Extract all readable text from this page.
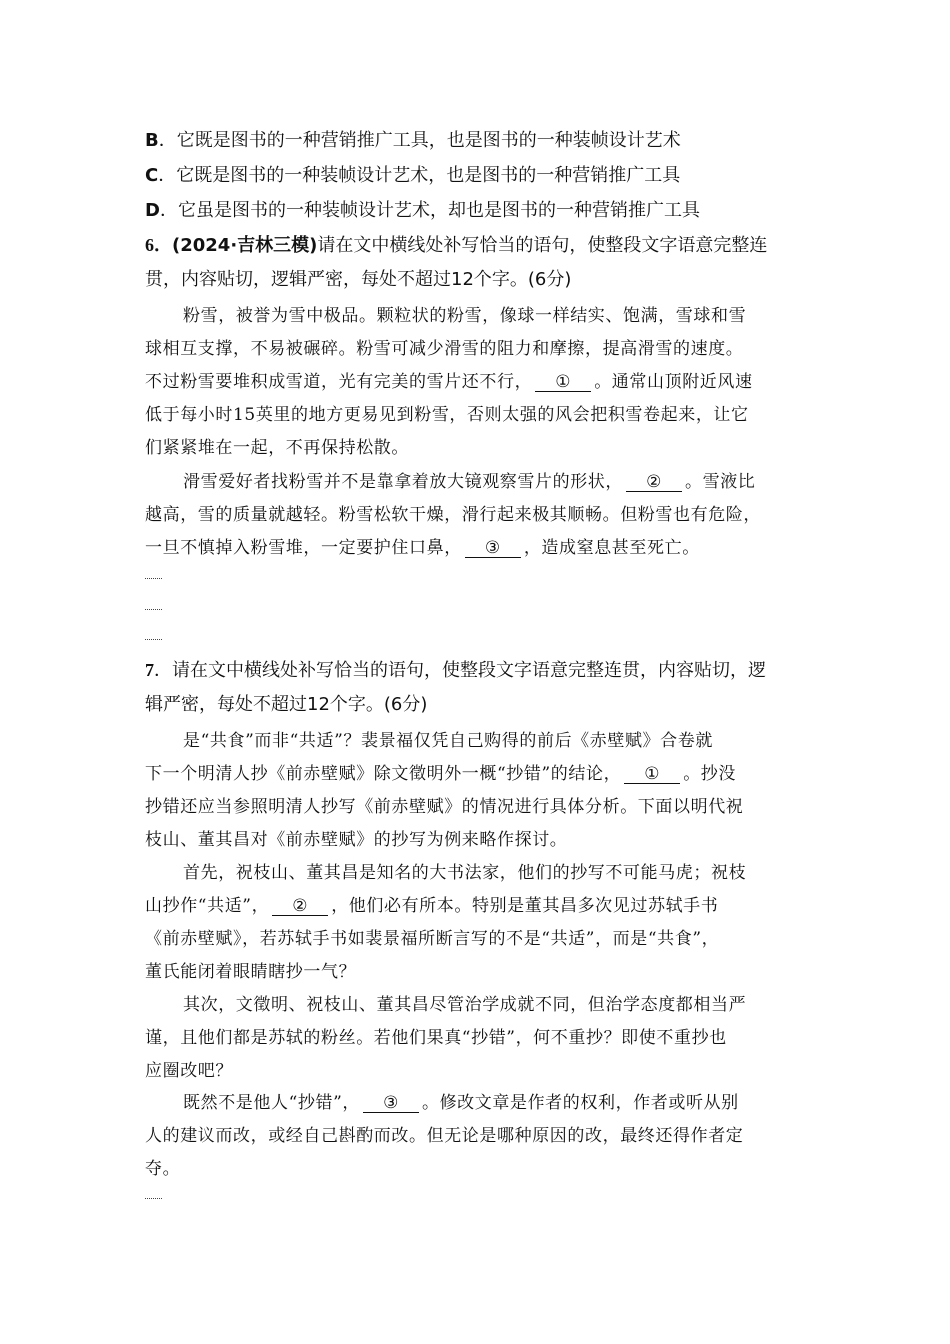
B．它既是图书的一种营销推广工具，也是图书的一种装帧设计艺术
C．它既是图书的一种装帧设计艺术，也是图书的一种营销推广工具
D．它虽是图书的一种装帧设计艺术，却也是图书的一种营销推广工具
6．(2024·吉林三模)请在文中横线处补写恰当的语句，使整段文字语意完整连
贯，内容贴切，逻辑严密，每处不超过12个字。(6分)
粉雪，被誉为雪中极品。颗粒状的粉雪，像球一样结实、饱满，雪球和雪
球相互支撑，不易被碾碎。粉雪可减少滑雪的阻力和摩擦，提高滑雪的速度。
不过粉雪要堆积成雪道，光有完美的雪片还不行， ① 。通常山顶附近风速
低于每小时15英里的地方更易见到粉雪，否则太强的风会把积雪卷起来，让它
们紧紧堆在一起，不再保持松散。
滑雪爱好者找粉雪并不是靠拿着放大镜观察雪片的形状， ② 。雪液比
越高，雪的质量就越轻。粉雪松软干燥，滑行起来极其顺畅。但粉雪也有危险，
一旦不慎掉入粉雪堆，一定要护住口鼻， ③ ，造成窒息甚至死亡。
7．请在文中横线处补写恰当的语句，使整段文字语意完整连贯，内容贴切，逻
辑严密，每处不超过12个字。(6分)
是“共食”而非“共适”？裴景福仅凭自己购得的前后《赤壁赋》合卷就
下一个明清人抄《前赤壁赋》除文徵明外一概“抄错”的结论， ① 。抄没
抄错还应当参照明清人抄写《前赤壁赋》的情况进行具体分析。下面以明代祝
枝山、董其昌对《前赤壁赋》的抄写为例来略作探讨。
首先，祝枝山、董其昌是知名的大书法家，他们的抄写不可能马虎；祝枝
山抄作“共适”， ② ，他们必有所本。特别是董其昌多次见过苏轼手书
《前赤壁赋》，若苏轼手书如裴景福所断言写的不是“共适”，而是“共食”，
董氏能闭着眼睛瞎抄一气？
其次，文徵明、祝枝山、董其昌尽管治学成就不同，但治学态度都相当严
谨，且他们都是苏轼的粉丝。若他们果真“抄错”，何不重抄？即使不重抄也
应圈改吧？
既然不是他人“抄错”， ③ 。修改文章是作者的权利，作者或听从别
人的建议而改，或经自己斟酌而改。但无论是哪种原因的改，最终还得作者定
夺。
